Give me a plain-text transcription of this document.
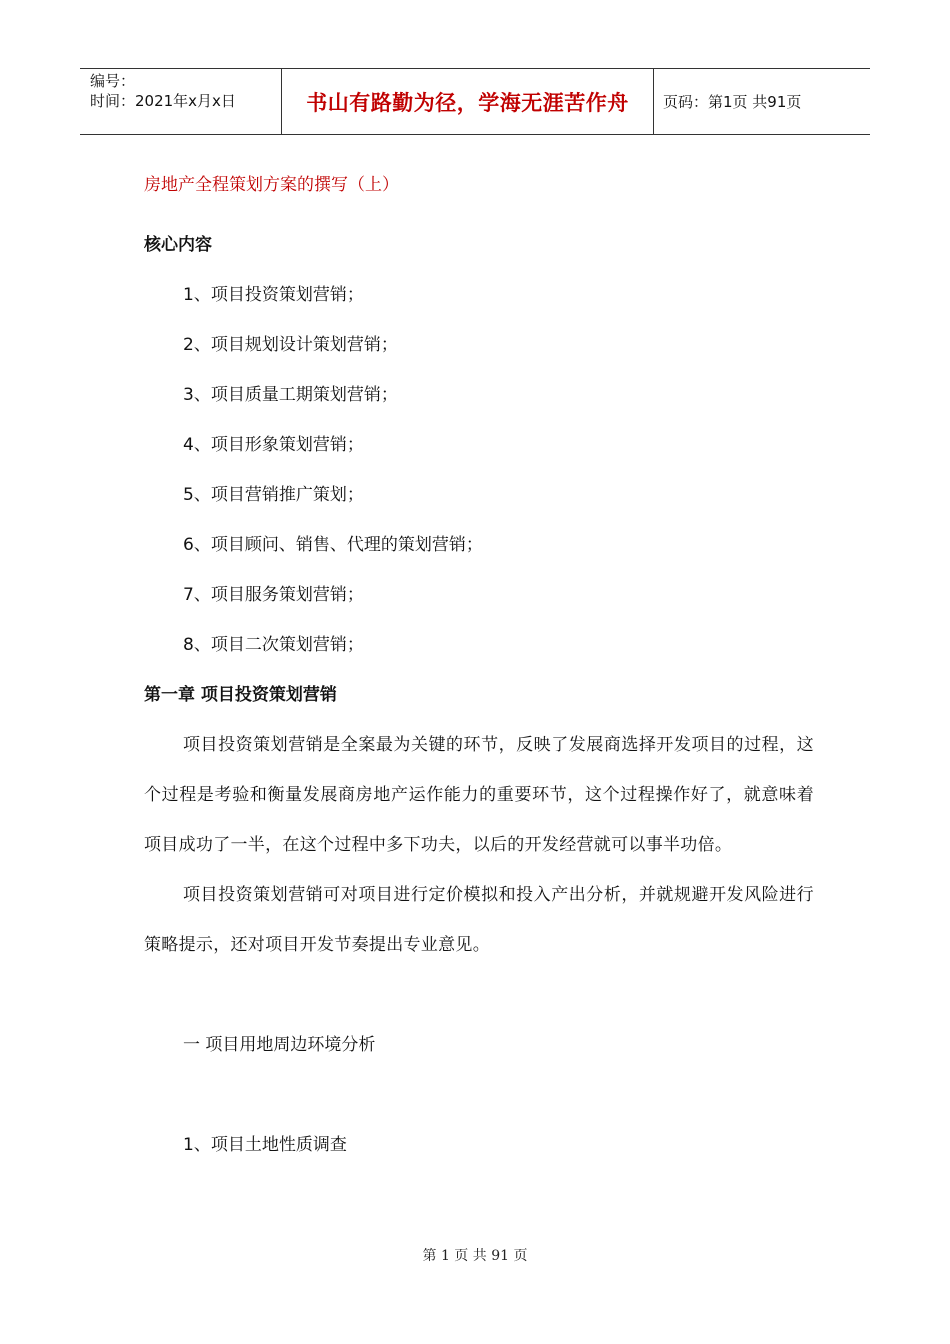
编号：
时间：2021年x月x日	书山有路勤为径，学海无涯苦作舟	页码：第1页 共91页
房地产全程策划方案的撰写（上）
核心内容
1、项目投资策划营销；
2、项目规划设计策划营销；
3、项目质量工期策划营销；
4、项目形象策划营销；
5、项目营销推广策划；
6、项目顾问、销售、代理的策划营销；
7、项目服务策划营销；
8、项目二次策划营销；
第一章 项目投资策划营销
项目投资策划营销是全案最为关键的环节，反映了发展商选择开发项目的过程，这个过程是考验和衡量发展商房地产运作能力的重要环节，这个过程操作好了，就意味着项目成功了一半，在这个过程中多下功夫，以后的开发经营就可以事半功倍。
项目投资策划营销可对项目进行定价模拟和投入产出分析，并就规避开发风险进行策略提示，还对项目开发节奏提出专业意见。
一 项目用地周边环境分析
1、项目土地性质调查
第 1 页 共 91 页
